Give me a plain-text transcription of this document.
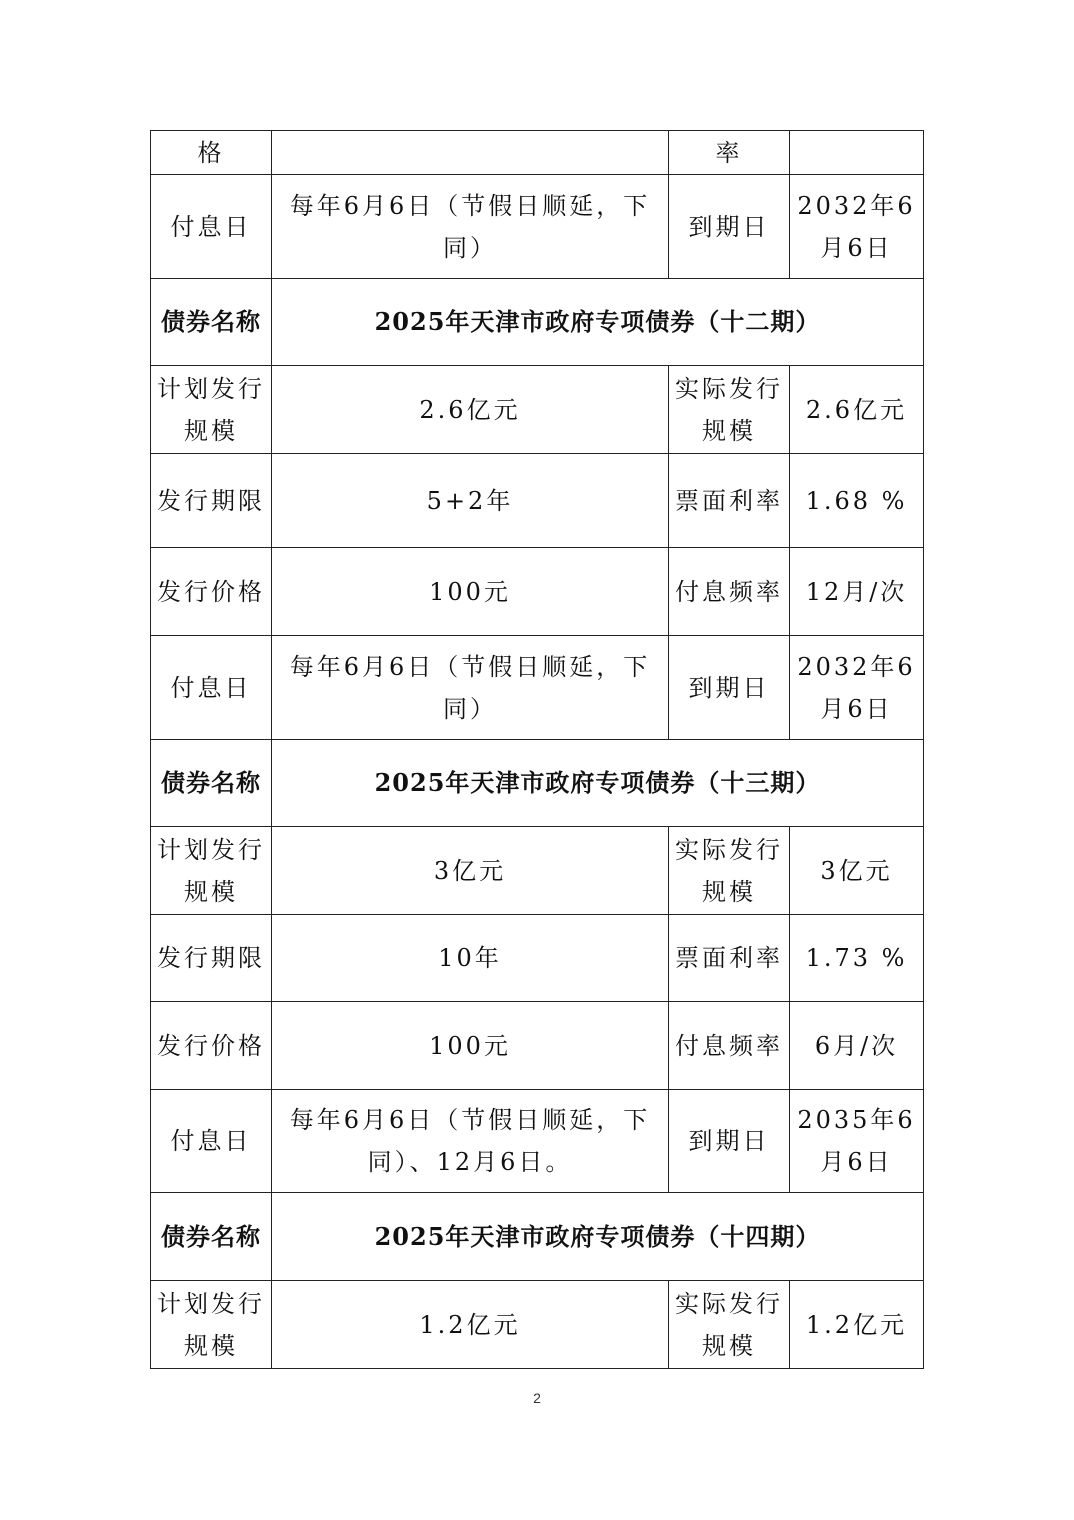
格		率	
付息日	每年6月6日（节假日顺延，下同）	到期日	2032年6月6日
债券名称	2025年天津市政府专项债券（十二期）		
计划发行规模	2.6亿元	实际发行规模	2.6亿元
发行期限	5+2年	票面利率	1.68 %
发行价格	100元	付息频率	12月/次
付息日	每年6月6日（节假日顺延，下同）	到期日	2032年6月6日
债券名称	2025年天津市政府专项债券（十三期）		
计划发行规模	3亿元	实际发行规模	3亿元
发行期限	10年	票面利率	1.73 %
发行价格	100元	付息频率	6月/次
付息日	每年6月6日（节假日顺延，下同）、12月6日。	到期日	2035年6月6日
债券名称	2025年天津市政府专项债券（十四期）		
计划发行规模	1.2亿元	实际发行规模	1.2亿元
2
